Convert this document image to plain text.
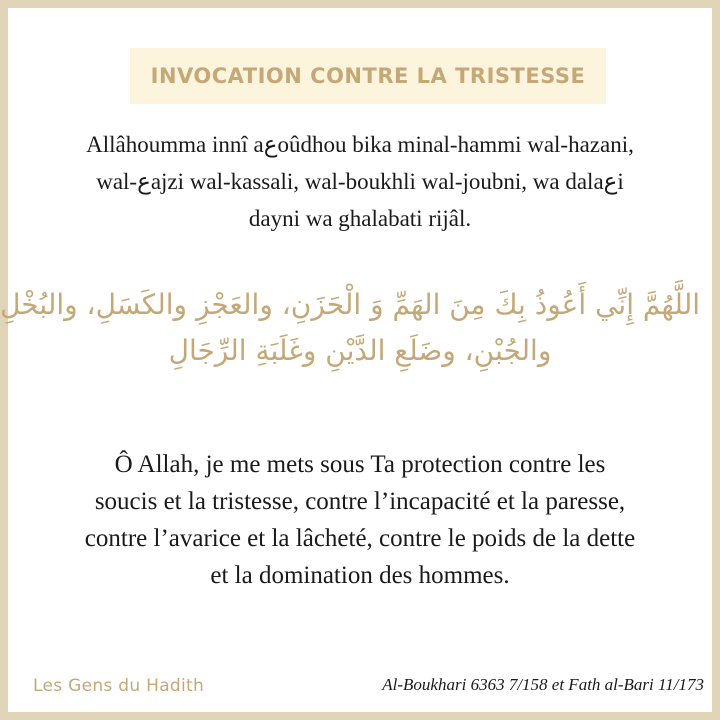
INVOCATION CONTRE LA TRISTESSE
Allâhoumma innî aعoûdhou bika minal-hammi wal-hazani,
wal-عajzi wal-kassali, wal-boukhli wal-joubni, wa dalaعi
dayni wa ghalabati rijâl.
اللَّهُمَّ إِنِّي أَعُوذُ بِكَ مِنَ الهَمِّ وَ الْحَزَنِ، والعَجْزِ والكَسَلِ، والبُخْلِ
والجُبْنِ، وضَلَعِ الدَّيْنِ وغَلَبَةِ الرِّجَالِ
Ô Allah, je me mets sous Ta protection contre les
soucis et la tristesse, contre l’incapacité et la paresse,
contre l’avarice et la lâcheté, contre le poids de la dette
et la domination des hommes.
Les Gens du Hadith	Al-Boukhari 6363 7/158 et Fath al-Bari 11/173
